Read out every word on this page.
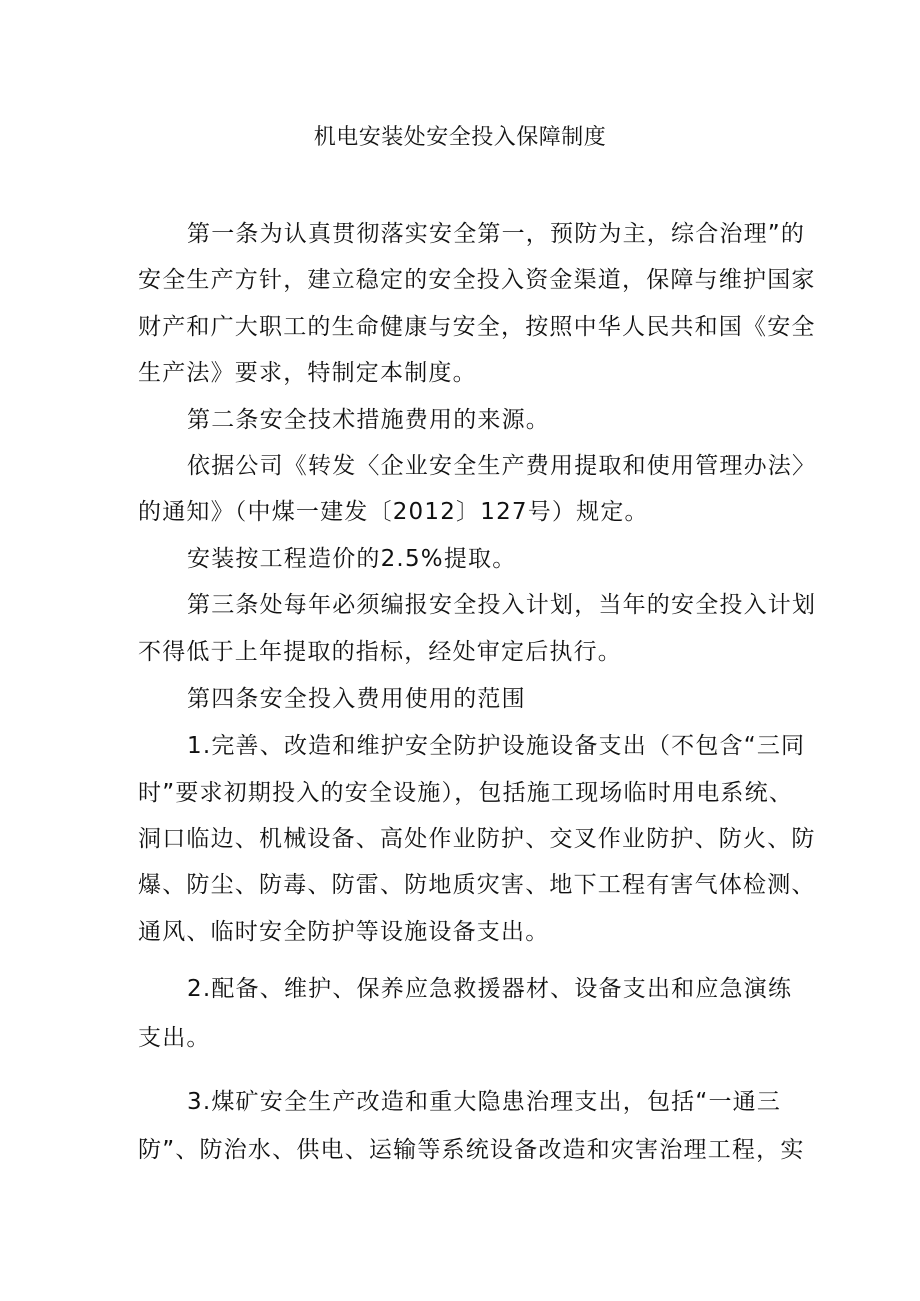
机电安装处安全投入保障制度

第一条为认真贯彻落实安全第一，预防为主，综合治理”的

安全生产方针，建立稳定的安全投入资金渠道，保障与维护国家

财产和广大职工的生命健康与安全，按照中华人民共和国《安全

生产法》要求，特制定本制度。

第二条安全技术措施费用的来源。

依据公司《转发〈企业安全生产费用提取和使用管理办法〉

的通知》（中煤一建发〔2012〕127号）规定。

安装按工程造价的2.5%提取。

第三条处每年必须编报安全投入计划，当年的安全投入计划

不得低于上年提取的指标，经处审定后执行。

第四条安全投入费用使用的范围

1.完善、改造和维护安全防护设施设备支出（不包含“三同

时”要求初期投入的安全设施），包括施工现场临时用电系统、

洞口临边、机械设备、高处作业防护、交叉作业防护、防火、防

爆、防尘、防毒、防雷、防地质灾害、地下工程有害气体检测、

通风、临时安全防护等设施设备支出。

2.配备、维护、保养应急救援器材、设备支出和应急演练

支出。

3.煤矿安全生产改造和重大隐患治理支出，包括“一通三

防”、防治水、供电、运输等系统设备改造和灾害治理工程，实
